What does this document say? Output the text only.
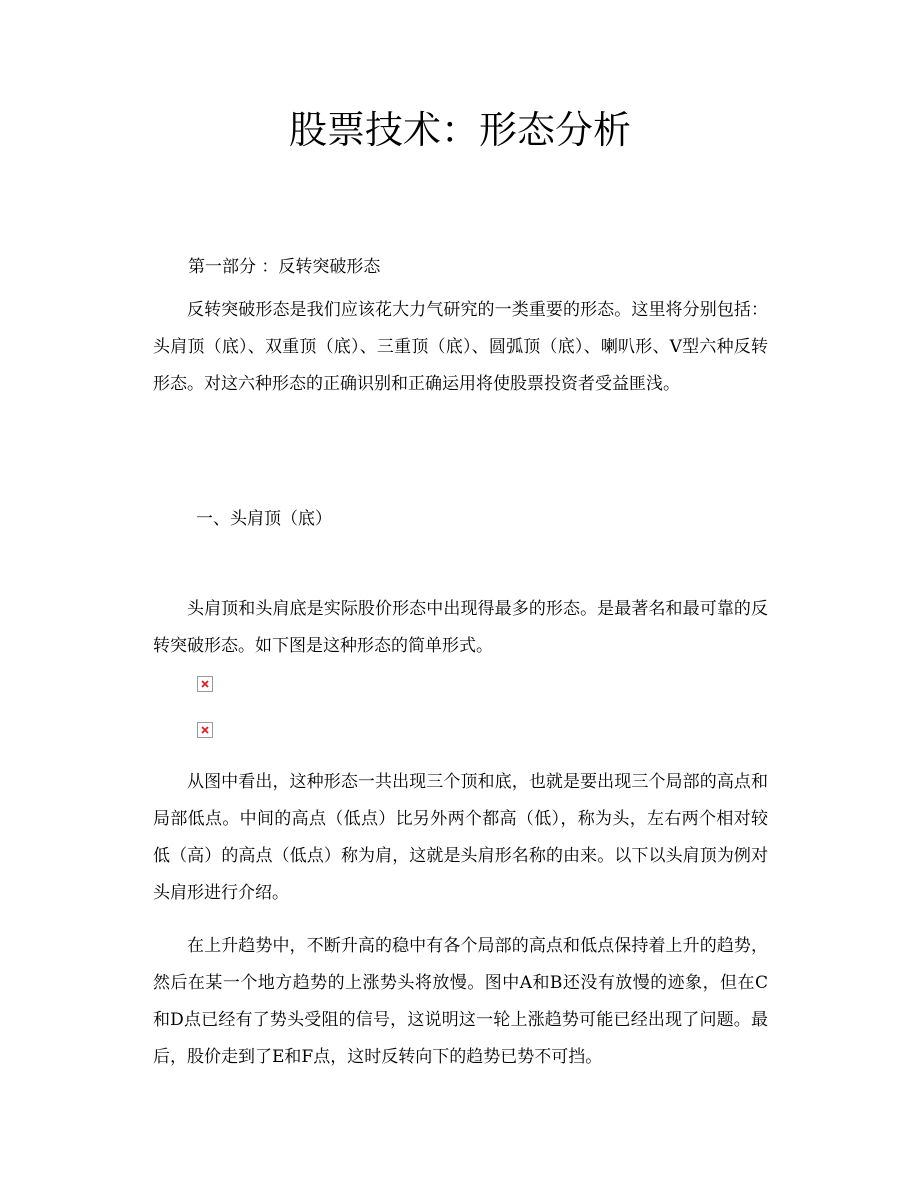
股票技术：形态分析

第一部分 ：反转突破形态

反转突破形态是我们应该花大力气研究的一类重要的形态。这里将分别包括： 头肩顶（底）、双重顶（底）、三重顶（底）、圆弧顶（底）、喇叭形、V型六种反转形态。对这六种形态的正确识别和正确运用将使股票投资者受益匪浅。

一、头肩顶（底）

头肩顶和头肩底是实际股价形态中出现得最多的形态。是最著名和最可靠的反转突破形态。如下图是这种形态的简单形式。

从图中看出，这种形态一共出现三个顶和底，也就是要出现三个局部的高点和局部低点。中间的高点（低点）比另外两个都高（低），称为头，左右两个相对较低（高）的高点（低点）称为肩，这就是头肩形名称的由来。以下以头肩顶为例对头肩形进行介绍。

在上升趋势中，不断升高的稳中有各个局部的高点和低点保持着上升的趋势，然后在某一个地方趋势的上涨势头将放慢。图中A和B还没有放慢的迹象，但在C和D点已经有了势头受阻的信号，这说明这一轮上涨趋势可能已经出现了问题。最后，股价走到了E和F点，这时反转向下的趋势已势不可挡。
